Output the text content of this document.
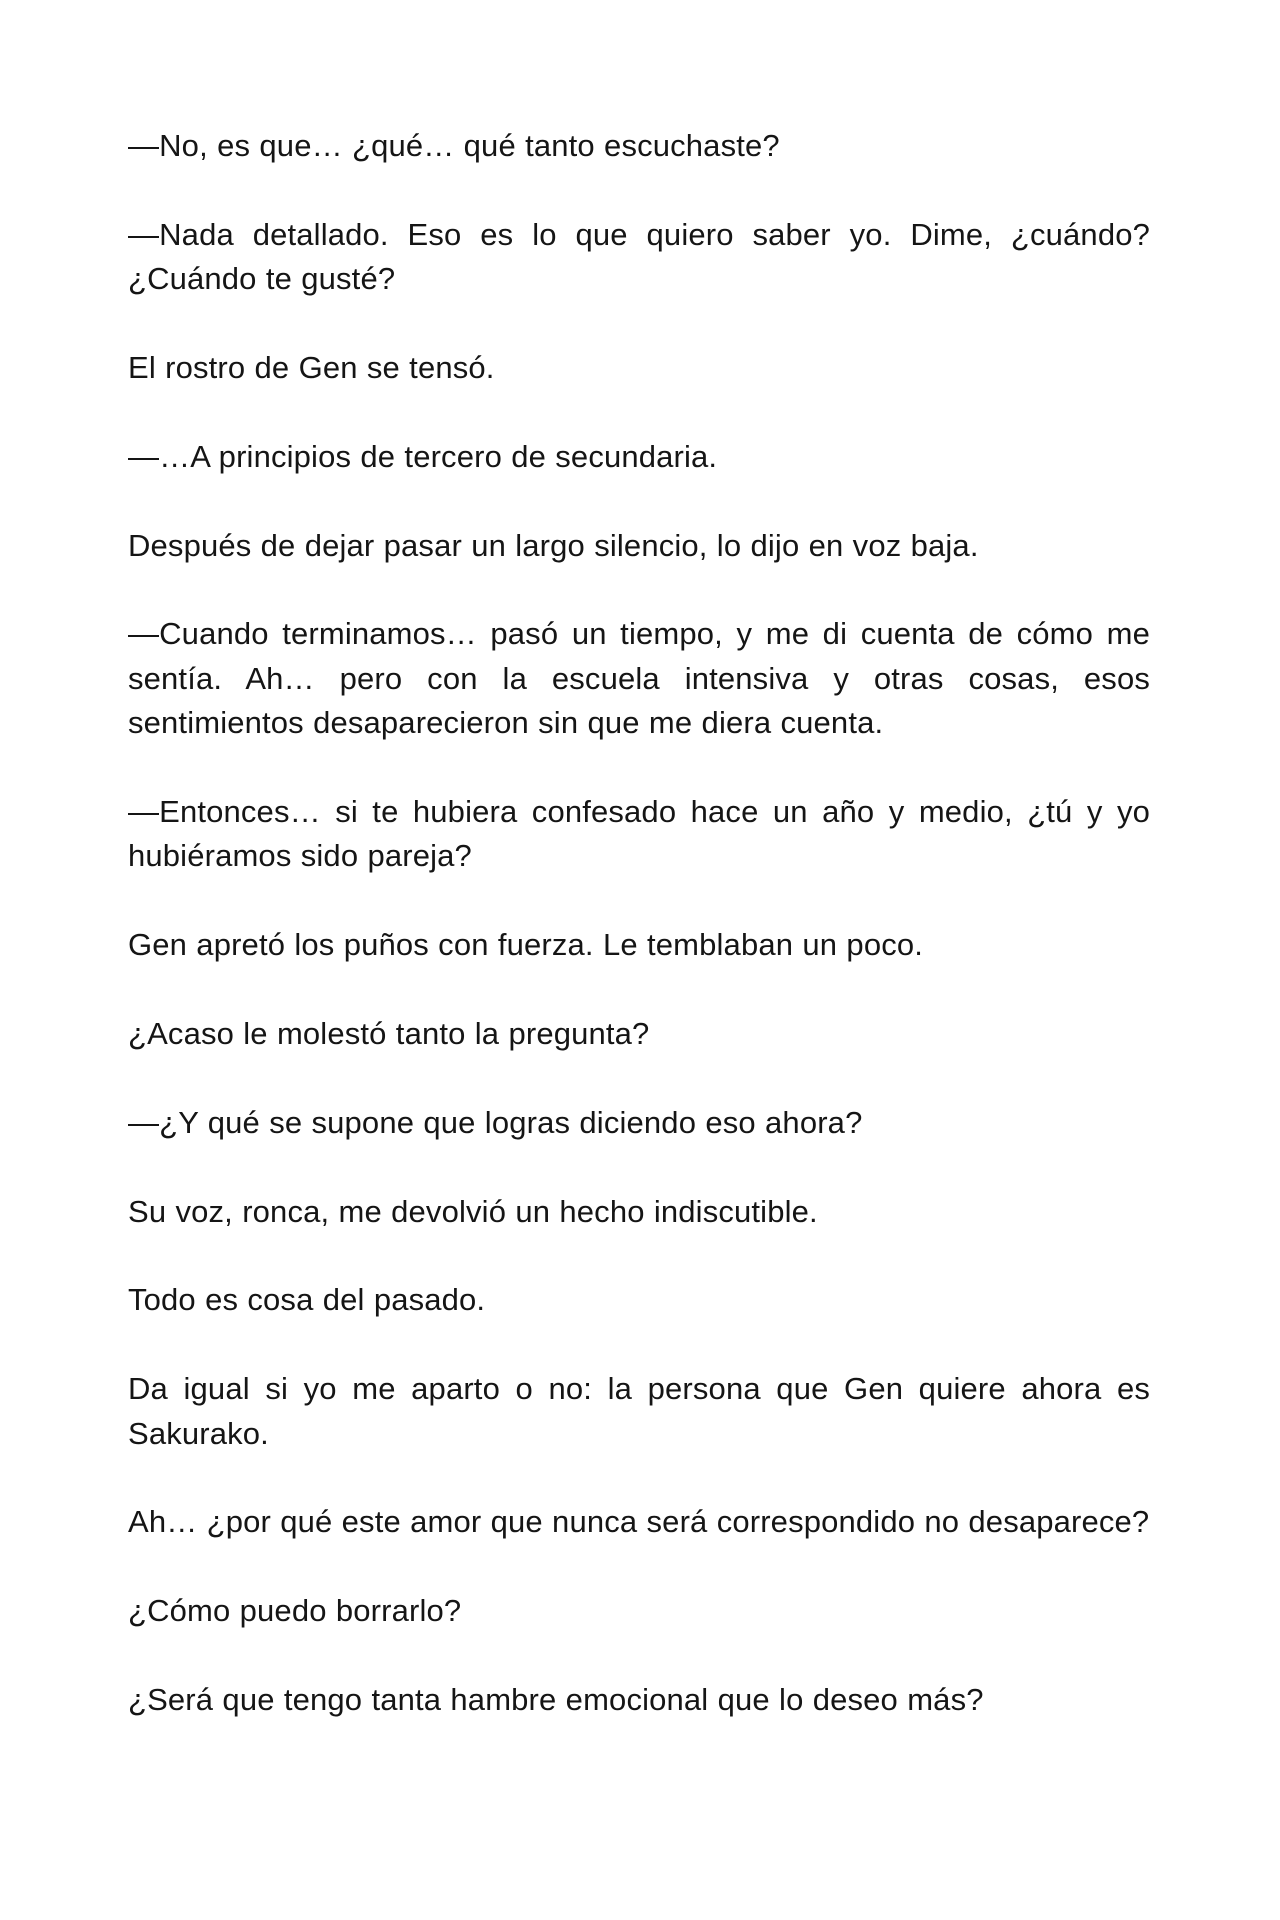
—No, es que… ¿qué… qué tanto escuchaste?

—Nada detallado. Eso es lo que quiero saber yo. Dime, ¿cuándo? ¿Cuándo te gusté?

El rostro de Gen se tensó.

—…A principios de tercero de secundaria.

Después de dejar pasar un largo silencio, lo dijo en voz baja.

—Cuando terminamos… pasó un tiempo, y me di cuenta de cómo me sentía. Ah… pero con la escuela intensiva y otras cosas, esos sentimientos desaparecieron sin que me diera cuenta.

—Entonces… si te hubiera confesado hace un año y medio, ¿tú y yo hubiéramos sido pareja?

Gen apretó los puños con fuerza. Le temblaban un poco.

¿Acaso le molestó tanto la pregunta?

—¿Y qué se supone que logras diciendo eso ahora?

Su voz, ronca, me devolvió un hecho indiscutible.

Todo es cosa del pasado.

Da igual si yo me aparto o no: la persona que Gen quiere ahora es Sakurako.

Ah… ¿por qué este amor que nunca será correspondido no desaparece?

¿Cómo puedo borrarlo?

¿Será que tengo tanta hambre emocional que lo deseo más?
